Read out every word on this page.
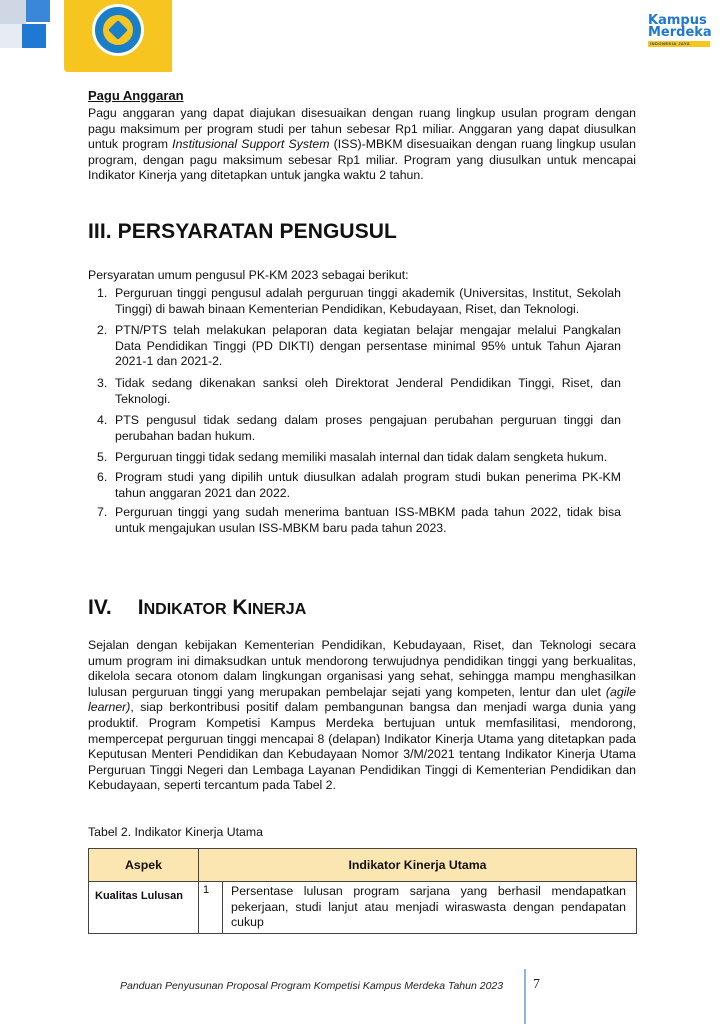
Kampus
Merdeka
INDONESIA JAYA
Pagu Anggaran

Pagu anggaran yang dapat diajukan disesuaikan dengan ruang lingkup usulan program dengan pagu maksimum per program studi per tahun sebesar Rp1 miliar. Anggaran yang dapat diusulkan untuk program Institusional Support System (ISS)-MBKM disesuaikan dengan ruang lingkup usulan program, dengan pagu maksimum sebesar Rp1 miliar. Program yang diusulkan untuk mencapai Indikator Kinerja yang ditetapkan untuk jangka waktu 2 tahun.

III. PERSYARATAN PENGUSUL
Persyaratan umum pengusul PK-KM 2023 sebagai berikut:
1. Perguruan tinggi pengusul adalah perguruan tinggi akademik (Universitas, Institut, Sekolah Tinggi) di bawah binaan Kementerian Pendidikan, Kebudayaan, Riset, dan Teknologi.
2. PTN/PTS telah melakukan pelaporan data kegiatan belajar mengajar melalui Pangkalan Data Pendidikan Tinggi (PD DIKTI) dengan persentase minimal 95% untuk Tahun Ajaran 2021-1 dan 2021-2.
3. Tidak sedang dikenakan sanksi oleh Direktorat Jenderal Pendidikan Tinggi, Riset, dan Teknologi.
4. PTS pengusul tidak sedang dalam proses pengajuan perubahan perguruan tinggi dan perubahan badan hukum.
5. Perguruan tinggi tidak sedang memiliki masalah internal dan tidak dalam sengketa hukum.
6. Program studi yang dipilih untuk diusulkan adalah program studi bukan penerima PK-KM tahun anggaran 2021 dan 2022.
7. Perguruan tinggi yang sudah menerima bantuan ISS-MBKM pada tahun 2022, tidak bisa untuk mengajukan usulan ISS-MBKM baru pada tahun 2023.
IV. INDIKATOR KINERJA

Sejalan dengan kebijakan Kementerian Pendidikan, Kebudayaan, Riset, dan Teknologi secara umum program ini dimaksudkan untuk mendorong terwujudnya pendidikan tinggi yang berkualitas, dikelola secara otonom dalam lingkungan organisasi yang sehat, sehingga mampu menghasilkan lulusan perguruan tinggi yang merupakan pembelajar sejati yang kompeten, lentur dan ulet (agile learner), siap berkontribusi positif dalam pembangunan bangsa dan menjadi warga dunia yang produktif. Program Kompetisi Kampus Merdeka bertujuan untuk memfasilitasi, mendorong, mempercepat perguruan tinggi mencapai 8 (delapan) Indikator Kinerja Utama yang ditetapkan pada Keputusan Menteri Pendidikan dan Kebudayaan Nomor 3/M/2021 tentang Indikator Kinerja Utama Perguruan Tinggi Negeri dan Lembaga Layanan Pendidikan Tinggi di Kementerian Pendidikan dan Kebudayaan, seperti tercantum pada Tabel 2.

Tabel 2. Indikator Kinerja Utama
Aspek	Indikator Kinerja Utama	
Kualitas Lulusan	1	Persentase lulusan program sarjana yang berhasil mendapatkan pekerjaan, studi lanjut atau menjadi wiraswasta dengan pendapatan cukup
Panduan Penyusunan Proposal Program Kompetisi Kampus Merdeka Tahun 2023 7
